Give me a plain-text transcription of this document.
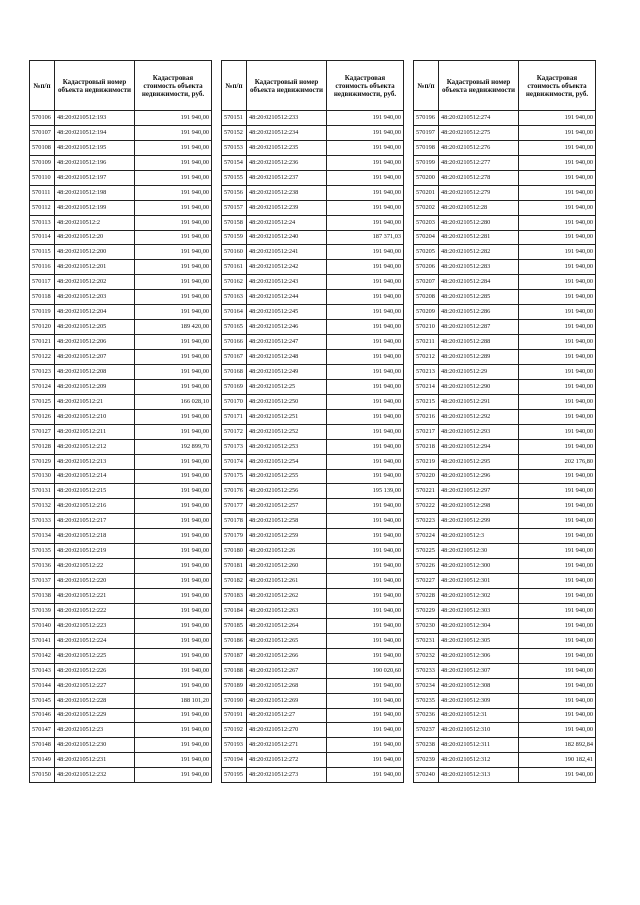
№п/п	Кадастровый номер объекта недвижимости	Кадастровая стоимость объекта недвижимости, руб.
570106	48:20:0210512:193	191 940,00
570107	48:20:0210512:194	191 940,00
570108	48:20:0210512:195	191 940,00
570109	48:20:0210512:196	191 940,00
570110	48:20:0210512:197	191 940,00
570111	48:20:0210512:198	191 940,00
570112	48:20:0210512:199	191 940,00
570113	48:20:0210512:2	191 940,00
570114	48:20:0210512:20	191 940,00
570115	48:20:0210512:200	191 940,00
570116	48:20:0210512:201	191 940,00
570117	48:20:0210512:202	191 940,00
570118	48:20:0210512:203	191 940,00
570119	48:20:0210512:204	191 940,00
570120	48:20:0210512:205	189 420,00
570121	48:20:0210512:206	191 940,00
570122	48:20:0210512:207	191 940,00
570123	48:20:0210512:208	191 940,00
570124	48:20:0210512:209	191 940,00
570125	48:20:0210512:21	166 028,10
570126	48:20:0210512:210	191 940,00
570127	48:20:0210512:211	191 940,00
570128	48:20:0210512:212	192 899,70
570129	48:20:0210512:213	191 940,00
570130	48:20:0210512:214	191 940,00
570131	48:20:0210512:215	191 940,00
570132	48:20:0210512:216	191 940,00
570133	48:20:0210512:217	191 940,00
570134	48:20:0210512:218	191 940,00
570135	48:20:0210512:219	191 940,00
570136	48:20:0210512:22	191 940,00
570137	48:20:0210512:220	191 940,00
570138	48:20:0210512:221	191 940,00
570139	48:20:0210512:222	191 940,00
570140	48:20:0210512:223	191 940,00
570141	48:20:0210512:224	191 940,00
570142	48:20:0210512:225	191 940,00
570143	48:20:0210512:226	191 940,00
570144	48:20:0210512:227	191 940,00
570145	48:20:0210512:228	188 101,20
570146	48:20:0210512:229	191 940,00
570147	48:20:0210512:23	191 940,00
570148	48:20:0210512:230	191 940,00
570149	48:20:0210512:231	191 940,00
570150	48:20:0210512:232	191 940,00
№п/п	Кадастровый номер объекта недвижимости	Кадастровая стоимость объекта недвижимости, руб.
570151	48:20:0210512:233	191 940,00
570152	48:20:0210512:234	191 940,00
570153	48:20:0210512:235	191 940,00
570154	48:20:0210512:236	191 940,00
570155	48:20:0210512:237	191 940,00
570156	48:20:0210512:238	191 940,00
570157	48:20:0210512:239	191 940,00
570158	48:20:0210512:24	191 940,00
570159	48:20:0210512:240	187 371,03
570160	48:20:0210512:241	191 940,00
570161	48:20:0210512:242	191 940,00
570162	48:20:0210512:243	191 940,00
570163	48:20:0210512:244	191 940,00
570164	48:20:0210512:245	191 940,00
570165	48:20:0210512:246	191 940,00
570166	48:20:0210512:247	191 940,00
570167	48:20:0210512:248	191 940,00
570168	48:20:0210512:249	191 940,00
570169	48:20:0210512:25	191 940,00
570170	48:20:0210512:250	191 940,00
570171	48:20:0210512:251	191 940,00
570172	48:20:0210512:252	191 940,00
570173	48:20:0210512:253	191 940,00
570174	48:20:0210512:254	191 940,00
570175	48:20:0210512:255	191 940,00
570176	48:20:0210512:256	195 139,00
570177	48:20:0210512:257	191 940,00
570178	48:20:0210512:258	191 940,00
570179	48:20:0210512:259	191 940,00
570180	48:20:0210512:26	191 940,00
570181	48:20:0210512:260	191 940,00
570182	48:20:0210512:261	191 940,00
570183	48:20:0210512:262	191 940,00
570184	48:20:0210512:263	191 940,00
570185	48:20:0210512:264	191 940,00
570186	48:20:0210512:265	191 940,00
570187	48:20:0210512:266	191 940,00
570188	48:20:0210512:267	190 020,60
570189	48:20:0210512:268	191 940,00
570190	48:20:0210512:269	191 940,00
570191	48:20:0210512:27	191 940,00
570192	48:20:0210512:270	191 940,00
570193	48:20:0210512:271	191 940,00
570194	48:20:0210512:272	191 940,00
570195	48:20:0210512:273	191 940,00
№п/п	Кадастровый номер объекта недвижимости	Кадастровая стоимость объекта недвижимости, руб.
570196	48:20:0210512:274	191 940,00
570197	48:20:0210512:275	191 940,00
570198	48:20:0210512:276	191 940,00
570199	48:20:0210512:277	191 940,00
570200	48:20:0210512:278	191 940,00
570201	48:20:0210512:279	191 940,00
570202	48:20:0210512:28	191 940,00
570203	48:20:0210512:280	191 940,00
570204	48:20:0210512:281	191 940,00
570205	48:20:0210512:282	191 940,00
570206	48:20:0210512:283	191 940,00
570207	48:20:0210512:284	191 940,00
570208	48:20:0210512:285	191 940,00
570209	48:20:0210512:286	191 940,00
570210	48:20:0210512:287	191 940,00
570211	48:20:0210512:288	191 940,00
570212	48:20:0210512:289	191 940,00
570213	48:20:0210512:29	191 940,00
570214	48:20:0210512:290	191 940,00
570215	48:20:0210512:291	191 940,00
570216	48:20:0210512:292	191 940,00
570217	48:20:0210512:293	191 940,00
570218	48:20:0210512:294	191 940,00
570219	48:20:0210512:295	202 176,80
570220	48:20:0210512:296	191 940,00
570221	48:20:0210512:297	191 940,00
570222	48:20:0210512:298	191 940,00
570223	48:20:0210512:299	191 940,00
570224	48:20:0210512:3	191 940,00
570225	48:20:0210512:30	191 940,00
570226	48:20:0210512:300	191 940,00
570227	48:20:0210512:301	191 940,00
570228	48:20:0210512:302	191 940,00
570229	48:20:0210512:303	191 940,00
570230	48:20:0210512:304	191 940,00
570231	48:20:0210512:305	191 940,00
570232	48:20:0210512:306	191 940,00
570233	48:20:0210512:307	191 940,00
570234	48:20:0210512:308	191 940,00
570235	48:20:0210512:309	191 940,00
570236	48:20:0210512:31	191 940,00
570237	48:20:0210512:310	191 940,00
570238	48:20:0210512:311	182 892,84
570239	48:20:0210512:312	190 182,41
570240	48:20:0210512:313	191 940,00
